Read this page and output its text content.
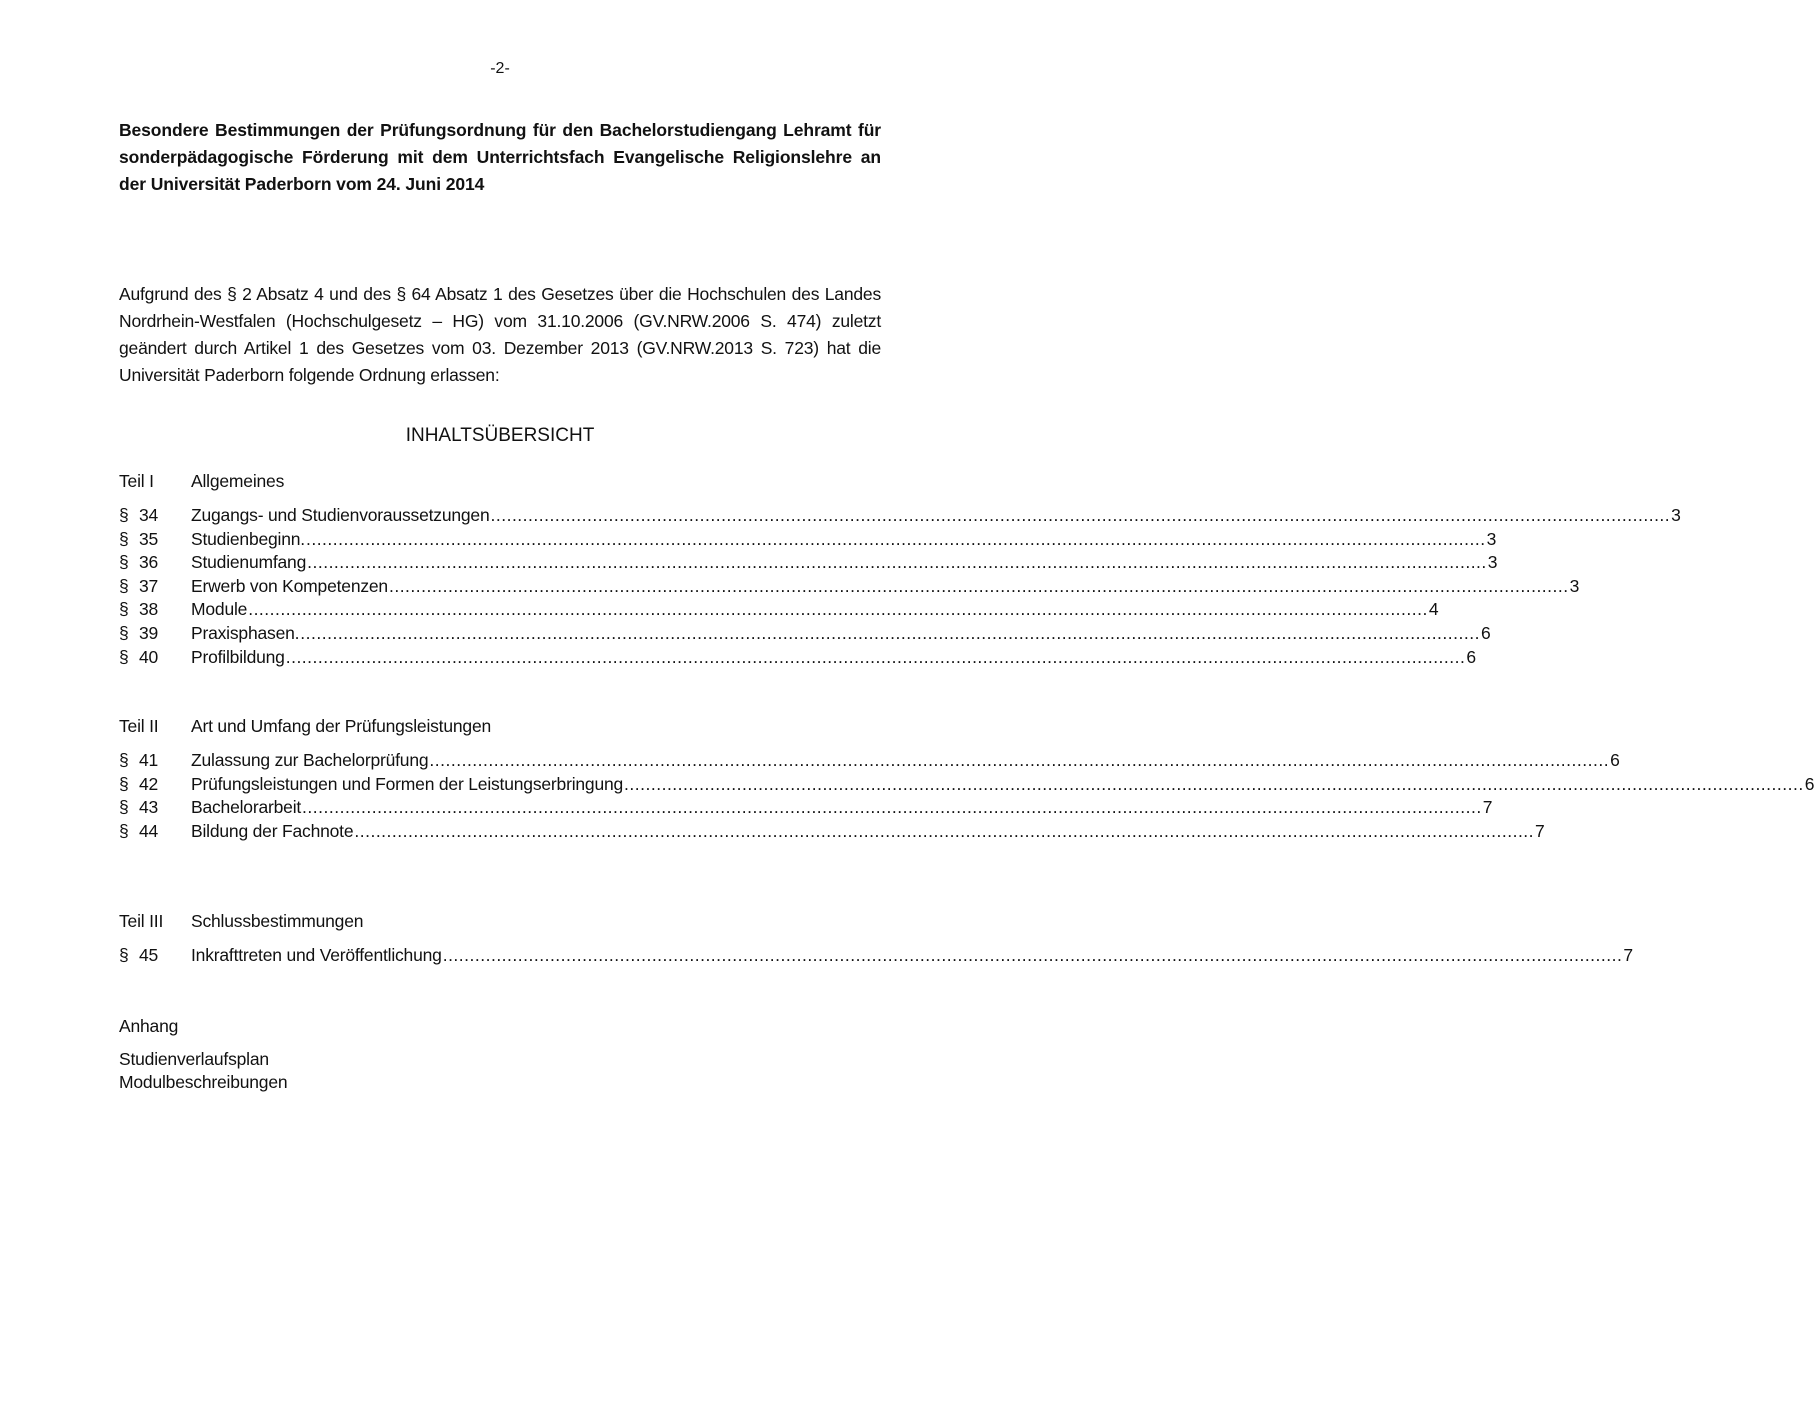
-2-
Besondere Bestimmungen der Prüfungsordnung für den Bachelorstudiengang Lehramt für sonderpädagogische Förderung mit dem Unterrichtsfach Evangelische Religionslehre an der Universität Paderborn vom 24. Juni 2014
Aufgrund des § 2 Absatz 4 und des § 64 Absatz 1 des Gesetzes über die Hochschulen des Landes Nordrhein-Westfalen (Hochschulgesetz – HG) vom 31.10.2006 (GV.NRW.2006 S. 474) zuletzt geändert durch Artikel 1 des Gesetzes vom 03. Dezember 2013 (GV.NRW.2013 S. 723) hat die Universität Paderborn folgende Ordnung erlassen:
INHALTSÜBERSICHT
Teil I Allgemeines
§ 34	Zugangs- und Studienvoraussetzungen ............................................................................................................................................................................................................................ 3
§ 35	Studienbeginn. ............................................................................................................................................................................................................................ 3
§ 36	Studienumfang ............................................................................................................................................................................................................................ 3
§ 37	Erwerb von Kompetenzen ............................................................................................................................................................................................................................ 3
§ 38	Module ............................................................................................................................................................................................................................ 4
§ 39	Praxisphasen. ............................................................................................................................................................................................................................ 6
§ 40	Profilbildung ............................................................................................................................................................................................................................ 6
Teil II Art und Umfang der Prüfungsleistungen
§ 41	Zulassung zur Bachelorprüfung ............................................................................................................................................................................................................................ 6
§ 42	Prüfungsleistungen und Formen der Leistungserbringung ............................................................................................................................................................................................................................ 6
§ 43	Bachelorarbeit ............................................................................................................................................................................................................................ 7
§ 44	Bildung der Fachnote ............................................................................................................................................................................................................................ 7
Teil III Schlussbestimmungen
§ 45	Inkrafttreten und Veröffentlichung ............................................................................................................................................................................................................................ 7
Anhang
Studienverlaufsplan
Modulbeschreibungen
